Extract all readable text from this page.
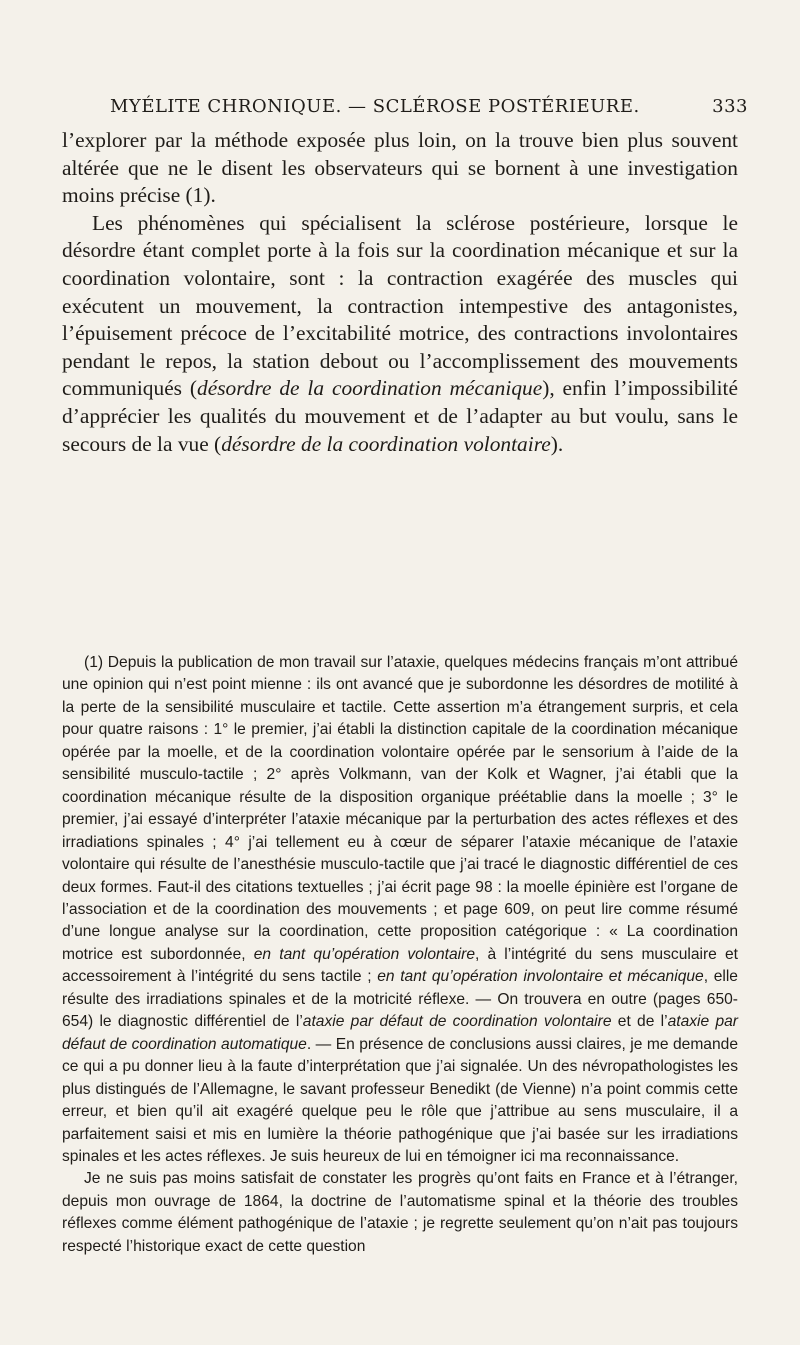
MYÉLITE CHRONIQUE. — SCLÉROSE POSTÉRIEURE.	333

l’explorer par la méthode exposée plus loin, on la trouve bien plus souvent altérée que ne le disent les observateurs qui se bornent à une investigation moins précise (1).

Les phénomènes qui spécialisent la sclérose postérieure, lorsque le désordre étant complet porte à la fois sur la coordination mécanique et sur la coordination volontaire, sont : la contraction exagérée des muscles qui exécutent un mouvement, la contraction intempestive des antagonistes, l’épuisement précoce de l’excitabilité motrice, des contractions involontaires pendant le repos, la station debout ou l’accomplissement des mouvements communiqués (désordre de la coordination mécanique), enfin l’impossibilité d’apprécier les qualités du mouvement et de l’adapter au but voulu, sans le secours de la vue (désordre de la coordination volontaire).

(1) Depuis la publication de mon travail sur l’ataxie, quelques médecins français m’ont attribué une opinion qui n’est point mienne : ils ont avancé que je subordonne les désordres de motilité à la perte de la sensibilité musculaire et tactile. Cette assertion m’a étrangement surpris, et cela pour quatre raisons : 1° le premier, j’ai établi la distinction capitale de la coordination mécanique opérée par la moelle, et de la coordination volontaire opérée par le sensorium à l’aide de la sensibilité musculo-tactile ; 2° après Volkmann, van der Kolk et Wagner, j’ai établi que la coordination mécanique résulte de la disposition organique préétablie dans la moelle ; 3° le premier, j’ai essayé d’interpréter l’ataxie mécanique par la perturbation des actes réflexes et des irradiations spinales ; 4° j’ai tellement eu à cœur de séparer l’ataxie mécanique de l’ataxie volontaire qui résulte de l’anesthésie musculo-tactile que j’ai tracé le diagnostic différentiel de ces deux formes. Faut-il des citations textuelles ; j’ai écrit page 98 : la moelle épinière est l’organe de l’association et de la coordination des mouvements ; et page 609, on peut lire comme résumé d’une longue analyse sur la coordination, cette proposition catégorique : « La coordination motrice est subordonnée, en tant qu’opération volontaire, à l’intégrité du sens musculaire et accessoirement à l’intégrité du sens tactile ; en tant qu’opération involontaire et mécanique, elle résulte des irradiations spinales et de la motricité réflexe. — On trouvera en outre (pages 650-654) le diagnostic différentiel de l’ataxie par défaut de coordination volontaire et de l’ataxie par défaut de coordination automatique. — En présence de conclusions aussi claires, je me demande ce qui a pu donner lieu à la faute d’interprétation que j’ai signalée. Un des névropathologistes les plus distingués de l’Allemagne, le savant professeur Benedikt (de Vienne) n’a point commis cette erreur, et bien qu’il ait exagéré quelque peu le rôle que j’attribue au sens musculaire, il a parfaitement saisi et mis en lumière la théorie pathogénique que j’ai basée sur les irradiations spinales et les actes réflexes. Je suis heureux de lui en témoigner ici ma reconnaissance.

Je ne suis pas moins satisfait de constater les progrès qu’ont faits en France et à l’étranger, depuis mon ouvrage de 1864, la doctrine de l’automatisme spinal et la théorie des troubles réflexes comme élément pathogénique de l’ataxie ; je regrette seulement qu’on n’ait pas toujours respecté l’historique exact de cette question
